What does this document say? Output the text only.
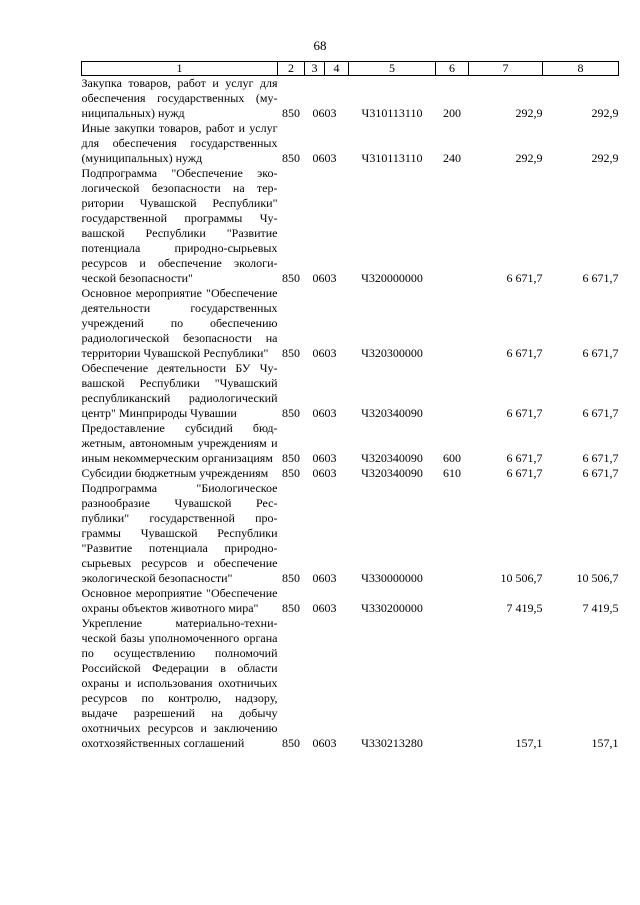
68
1	2	3	4	5	6	7	8
Закупка товаров, работ и услуг для обеспечения государственных (муниципальных) нужд	850	06	03	Ч310113110	200	292,9	292,9
Иные закупки товаров, работ и услуг для обеспечения государственных (муниципальных) нужд	850	06	03	Ч310113110	240	292,9	292,9
Подпрограмма "Обеспечение экологической безопасности на территории Чувашской Республики" государственной программы Чувашской Республики "Развитие потенциала природно-сырьевых ресурсов и обеспечение экологической безопасности"	850	06	03	Ч320000000		6 671,7	6 671,7
Основное мероприятие "Обеспечение деятельности государственных учреждений по обеспечению радиологической безопасности на территории Чувашской Республики"	850	06	03	Ч320300000		6 671,7	6 671,7
Обеспечение деятельности БУ Чувашской Республики "Чувашский республиканский радиологический центр" Минприроды Чувашии	850	06	03	Ч320340090		6 671,7	6 671,7
Предоставление субсидий бюджетным, автономным учреждениям и иным некоммерческим организациям	850	06	03	Ч320340090	600	6 671,7	6 671,7
Субсидии бюджетным учреждениям	850	06	03	Ч320340090	610	6 671,7	6 671,7
Подпрограмма "Биологическое разнообразие Чувашской Республики" государственной программы Чувашской Республики "Развитие потенциала природно-сырьевых ресурсов и обеспечение экологической безопасности"	850	06	03	Ч330000000		10 506,7	10 506,7
Основное мероприятие "Обеспечение охраны объектов животного мира"	850	06	03	Ч330200000		7 419,5	7 419,5
Укрепление материально-технической базы уполномоченного органа по осуществлению полномочий Российской Федерации в области охраны и использования охотничьих ресурсов по контролю, надзору, выдаче разрешений на добычу охотничьих ресурсов и заключению охотхозяйственных соглашений	850	06	03	Ч330213280		157,1	157,1
